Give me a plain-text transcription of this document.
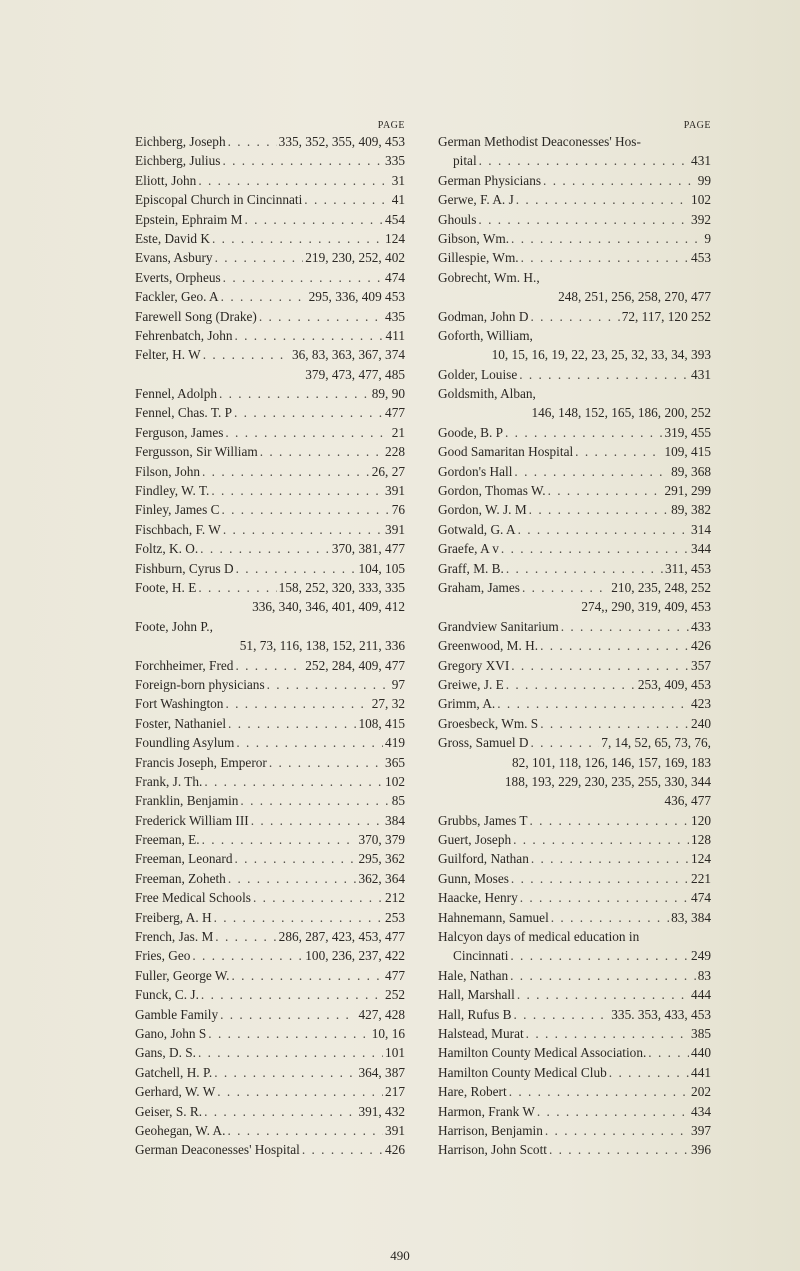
PAGE
Eichberg, Joseph . . .	335, 352, 355, 409, 453
Eichberg, Julius . . .	335
Eliott, John . . .	31
Episcopal Church in Cincinnati . . .	41
Epstein, Ephraim M . . .	454
Este, David K . . .	124
Evans, Asbury . . .	219, 230, 252, 402
Everts, Orpheus . . .	474
Fackler, Geo. A . . .	295, 336, 409 453
Farewell Song (Drake) . . .	435
Fehrenbatch, John . . .	411
Felter, H. W . . .	36, 83, 363, 367, 374
379, 473, 477, 485
Fennel, Adolph . . .	89, 90
Fennel, Chas. T. P . . .	477
Ferguson, James . . .	21
Fergusson, Sir William . . .	228
Filson, John . . .	26, 27
Findley, W. T. . . .	391
Finley, James C . . .	76
Fischbach, F. W . . .	391
Foltz, K. O. . . .	370, 381, 477
Fishburn, Cyrus D . . .	104, 105
Foote, H. E . . .	158, 252, 320, 333, 335
336, 340, 346, 401, 409, 412
Foote, John P.,
51, 73, 116, 138, 152, 211, 336
Forchheimer, Fred . . .	252, 284, 409, 477
Foreign-born physicians . . .	97
Fort Washington . . .	27, 32
Foster, Nathaniel . . .	108, 415
Foundling Asylum . . .	419
Francis Joseph, Emperor . . .	365
Frank, J. Th. . . .	102
Franklin, Benjamin . . .	85
Frederick William III . . .	384
Freeman, E. . . .	370, 379
Freeman, Leonard . . .	295, 362
Freeman, Zoheth . . .	362, 364
Free Medical Schools . . .	212
Freiberg, A. H . . .	253
French, Jas. M . . .	286, 287, 423, 453, 477
Fries, Geo . . .	100, 236, 237, 422
Fuller, George W. . . .	477
Funck, C. J. . . .	252
Gamble Family . . .	427, 428
Gano, John S . . .	10, 16
Gans, D. S. . . .	101
Gatchell, H. P. . . .	364, 387
Gerhard, W. W . . .	217
Geiser, S. R. . . .	391, 432
Geohegan, W. A. . . .	391
German Deaconesses' Hospital . . .	426
PAGE
German Methodist Deaconesses' Hos-
pital . . .	431
German Physicians . . .	99
Gerwe, F. A. J . . .	102
Ghouls . . .	392
Gibson, Wm. . . .	9
Gillespie, Wm. . . .	453
Gobrecht, Wm. H.,
248, 251, 256, 258, 270, 477
Godman, John D . . .	72, 117, 120 252
Goforth, William,
10, 15, 16, 19, 22, 23, 25, 32, 33, 34, 393
Golder, Louise . . .	431
Goldsmith, Alban,
146, 148, 152, 165, 186, 200, 252
Goode, B. P . . .	319, 455
Good Samaritan Hospital . . .	109, 415
Gordon's Hall . . .	89, 368
Gordon, Thomas W. . . .	291, 299
Gordon, W. J. M . . .	89, 382
Gotwald, G. A . . .	314
Graefe, A v . . .	344
Graff, M. B. . . .	311, 453
Graham, James . . .	210, 235, 248, 252
274,, 290, 319, 409, 453
Grandview Sanitarium . . .	433
Greenwood, M. H. . . .	426
Gregory XVI . . .	357
Greiwe, J. E . . .	253, 409, 453
Grimm, A. . . .	423
Groesbeck, Wm. S . . .	240
Gross, Samuel D . . .	7, 14, 52, 65, 73, 76,
82, 101, 118, 126, 146, 157, 169, 183
188, 193, 229, 230, 235, 255, 330, 344
436, 477
Grubbs, James T . . .	120
Guert, Joseph . . .	128
Guilford, Nathan . . .	124
Gunn, Moses . . .	221
Haacke, Henry . . .	474
Hahnemann, Samuel . . .	83, 384
Halcyon days of medical education in
Cincinnati . . .	249
Hale, Nathan . . .	83
Hall, Marshall . . .	444
Hall, Rufus B . . .	335. 353, 433, 453
Halstead, Murat . . .	385
Hamilton County Medical Association. . . .	440
Hamilton County Medical Club . . .	441
Hare, Robert . . .	202
Harmon, Frank W . . .	434
Harrison, Benjamin . . .	397
Harrison, John Scott . . .	396
490
